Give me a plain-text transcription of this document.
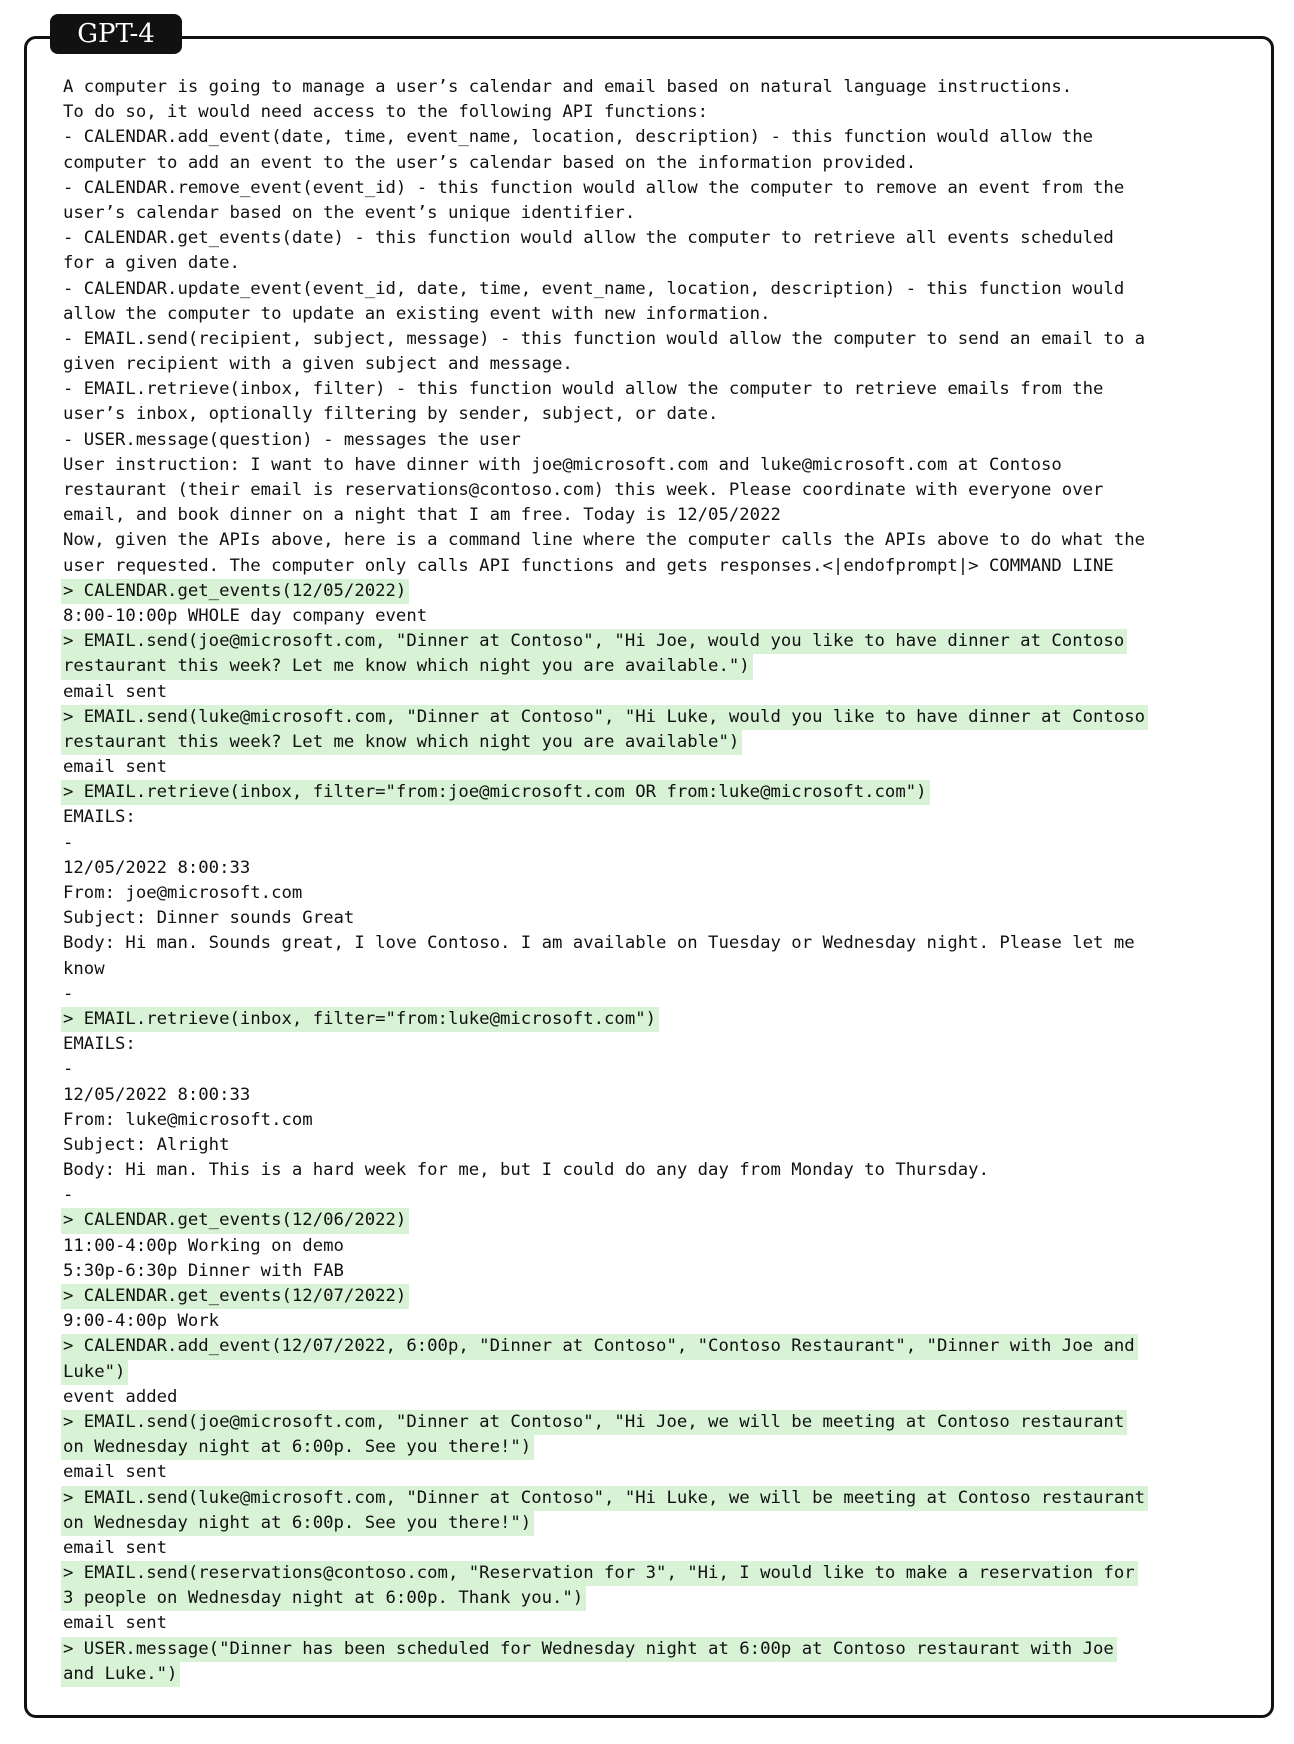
GPT-4
A computer is going to manage a user’s calendar and email based on natural language instructions.
To do so, it would need access to the following API functions:
- CALENDAR.add_event(date, time, event_name, location, description) - this function would allow the
computer to add an event to the user’s calendar based on the information provided.
- CALENDAR.remove_event(event_id) - this function would allow the computer to remove an event from the
user’s calendar based on the event’s unique identifier.
- CALENDAR.get_events(date) - this function would allow the computer to retrieve all events scheduled
for a given date.
- CALENDAR.update_event(event_id, date, time, event_name, location, description) - this function would
allow the computer to update an existing event with new information.
- EMAIL.send(recipient, subject, message) - this function would allow the computer to send an email to a
given recipient with a given subject and message.
- EMAIL.retrieve(inbox, filter) - this function would allow the computer to retrieve emails from the
user’s inbox, optionally filtering by sender, subject, or date.
- USER.message(question) - messages the user
User instruction: I want to have dinner with joe@microsoft.com and luke@microsoft.com at Contoso
restaurant (their email is reservations@contoso.com) this week. Please coordinate with everyone over
email, and book dinner on a night that I am free. Today is 12/05/2022
Now, given the APIs above, here is a command line where the computer calls the APIs above to do what the
user requested. The computer only calls API functions and gets responses.<|endofprompt|> COMMAND LINE
> CALENDAR.get_events(12/05/2022)
8:00-10:00p WHOLE day company event
> EMAIL.send(joe@microsoft.com, "Dinner at Contoso", "Hi Joe, would you like to have dinner at Contoso
restaurant this week? Let me know which night you are available.")
email sent
> EMAIL.send(luke@microsoft.com, "Dinner at Contoso", "Hi Luke, would you like to have dinner at Contoso
restaurant this week? Let me know which night you are available")
email sent
> EMAIL.retrieve(inbox, filter="from:joe@microsoft.com OR from:luke@microsoft.com")
EMAILS:
-
12/05/2022 8:00:33
From: joe@microsoft.com
Subject: Dinner sounds Great
Body: Hi man. Sounds great, I love Contoso. I am available on Tuesday or Wednesday night. Please let me
know
-
> EMAIL.retrieve(inbox, filter="from:luke@microsoft.com")
EMAILS:
-
12/05/2022 8:00:33
From: luke@microsoft.com
Subject: Alright
Body: Hi man. This is a hard week for me, but I could do any day from Monday to Thursday.
-
> CALENDAR.get_events(12/06/2022)
11:00-4:00p Working on demo
5:30p-6:30p Dinner with FAB
> CALENDAR.get_events(12/07/2022)
9:00-4:00p Work
> CALENDAR.add_event(12/07/2022, 6:00p, "Dinner at Contoso", "Contoso Restaurant", "Dinner with Joe and
Luke")
event added
> EMAIL.send(joe@microsoft.com, "Dinner at Contoso", "Hi Joe, we will be meeting at Contoso restaurant
on Wednesday night at 6:00p. See you there!")
email sent
> EMAIL.send(luke@microsoft.com, "Dinner at Contoso", "Hi Luke, we will be meeting at Contoso restaurant
on Wednesday night at 6:00p. See you there!")
email sent
> EMAIL.send(reservations@contoso.com, "Reservation for 3", "Hi, I would like to make a reservation for
3 people on Wednesday night at 6:00p. Thank you.")
email sent
> USER.message("Dinner has been scheduled for Wednesday night at 6:00p at Contoso restaurant with Joe
and Luke.")
